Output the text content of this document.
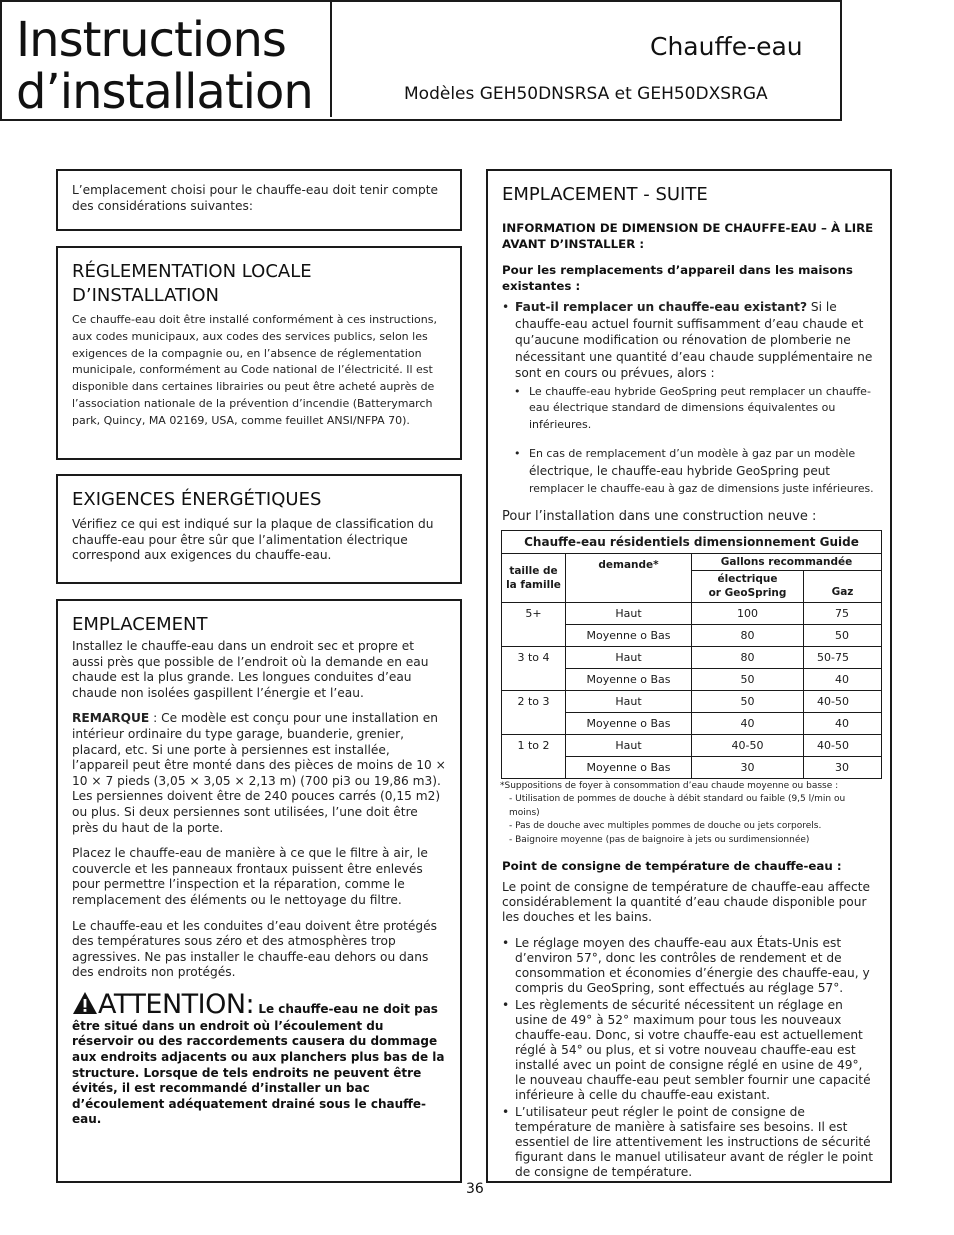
Instructions
d’installation
Chauffe-eau
Modèles GEH50DNSRSA et GEH50DXSRGA

L’emplacement choisi pour le chauffe-eau doit tenir compte des considérations suivantes:

RÉGLEMENTATION LOCALE
D’INSTALLATION

Ce chauffe-eau doit être installé conformément à ces instructions, aux codes municipaux, aux codes des services publics, selon les exigences de la compagnie ou, en l’absence de réglementation municipale, conformément au Code national de l’électricité. Il est disponible dans certaines librairies ou peut être acheté auprès de l’association nationale de la prévention d’incendie (Batterymarch park, Quincy, MA 02169, USA, comme feuillet ANSI/NFPA 70).

EXIGENCES ÉNERGÉTIQUES

Vérifiez ce qui est indiqué sur la plaque de classification du chauffe-eau pour être sûr que l’alimentation électrique correspond aux exigences du chauffe-eau.

EMPLACEMENT

Installez le chauffe-eau dans un endroit sec et propre et aussi près que possible de l’endroit où la demande en eau chaude est la plus grande. Les longues conduites d’eau chaude non isolées gaspillent l’énergie et l’eau.

REMARQUE : Ce modèle est conçu pour une installation en intérieur ordinaire du type garage, buanderie, grenier, placard, etc. Si une porte à persiennes est installée, l’appareil peut être monté dans des pièces de moins de 10 × 10 × 7 pieds (3,05 × 3,05 × 2,13 m) (700 pi3 ou 19,86 m3). Les persiennes doivent être de 240 pouces carrés (0,15 m2) ou plus. Si deux persiennes sont utilisées, l’une doit être près du haut de la porte.

Placez le chauffe-eau de manière à ce que le filtre à air, le couvercle et les panneaux frontaux puissent être enlevés pour permettre l’inspection et la réparation, comme le remplacement des éléments ou le nettoyage du filtre.

Le chauffe-eau et les conduites d’eau doivent être protégés des températures sous zéro et des atmosphères trop agressives. Ne pas installer le chauffe-eau dehors ou dans des endroits non protégés.

ATTENTION: Le chauffe-eau ne doit pas être situé dans un endroit où l’écoulement du réservoir ou des raccordements causera du dommage aux endroits adjacents ou aux planchers plus bas de la structure. Lorsque de tels endroits ne peuvent être évités, il est recommandé d’installer un bac d’écoulement adéquatement drainé sous le chauffe-eau.
EMPLACEMENT - SUITE

INFORMATION DE DIMENSION DE CHAUFFE-EAU – À LIRE AVANT D’INSTALLER :

Pour les remplacements d’appareil dans les maisons existantes :

• Faut-il remplacer un chauffe-eau existant? Si le chauffe-eau actuel fournit suffisamment d’eau chaude et qu’aucune modification ou rénovation de plomberie ne nécessitant une quantité d’eau chaude supplémentaire ne sont en cours ou prévues, alors :
• Le chauffe-eau hybride GeoSpring peut remplacer un chauffe-eau électrique standard de dimensions équivalentes ou inférieures.
• En cas de remplacement d’un modèle à gaz par un modèle
électrique, le chauffe-eau hybride GeoSpring peut
remplacer le chauffe-eau à gaz de dimensions juste inférieures.

Pour l’installation dans une construction neuve :

Chauffe-eau résidentiels dimensionnement Guide			
taille de
la famille	demande*	Gallons recommandée	
		électrique
or GeoSpring	Gaz
5+	Haut	100	75
	Moyenne o Bas	80	50
3 to 4	Haut	80	50-75
	Moyenne o Bas	50	40
2 to 3	Haut	50	40-50
	Moyenne o Bas	40	40
1 to 2	Haut	40-50	40-50
	Moyenne o Bas	30	30
*Suppositions de foyer à consommation d’eau chaude moyenne ou basse :
- Utilisation de pommes de douche à débit standard ou faible (9,5 l/min ou moins)
- Pas de douche avec multiples pommes de douche ou jets corporels.
- Baignoire moyenne (pas de baignoire à jets ou surdimensionnée)

Point de consigne de température de chauffe-eau :

Le point de consigne de température de chauffe-eau affecte considérablement la quantité d’eau chaude disponible pour les douches et les bains.

• Le réglage moyen des chauffe-eau aux États-Unis est d’environ 57°, donc les contrôles de rendement et de consommation et économies d’énergie des chauffe-eau, y compris du GeoSpring, sont effectués au réglage 57°.
• Les règlements de sécurité nécessitent un réglage en usine de 49° à 52° maximum pour tous les nouveaux chauffe-eau. Donc, si votre chauffe-eau est actuellement réglé à 54° ou plus, et si votre nouveau chauffe-eau est installé avec un point de consigne réglé en usine de 49°, le nouveau chauffe-eau peut sembler fournir une capacité inférieure à celle du chauffe-eau existant.
• L’utilisateur peut régler le point de consigne de température de manière à satisfaire ses besoins. Il est essentiel de lire attentivement les instructions de sécurité figurant dans le manuel utilisateur avant de régler le point de consigne de température.
36
